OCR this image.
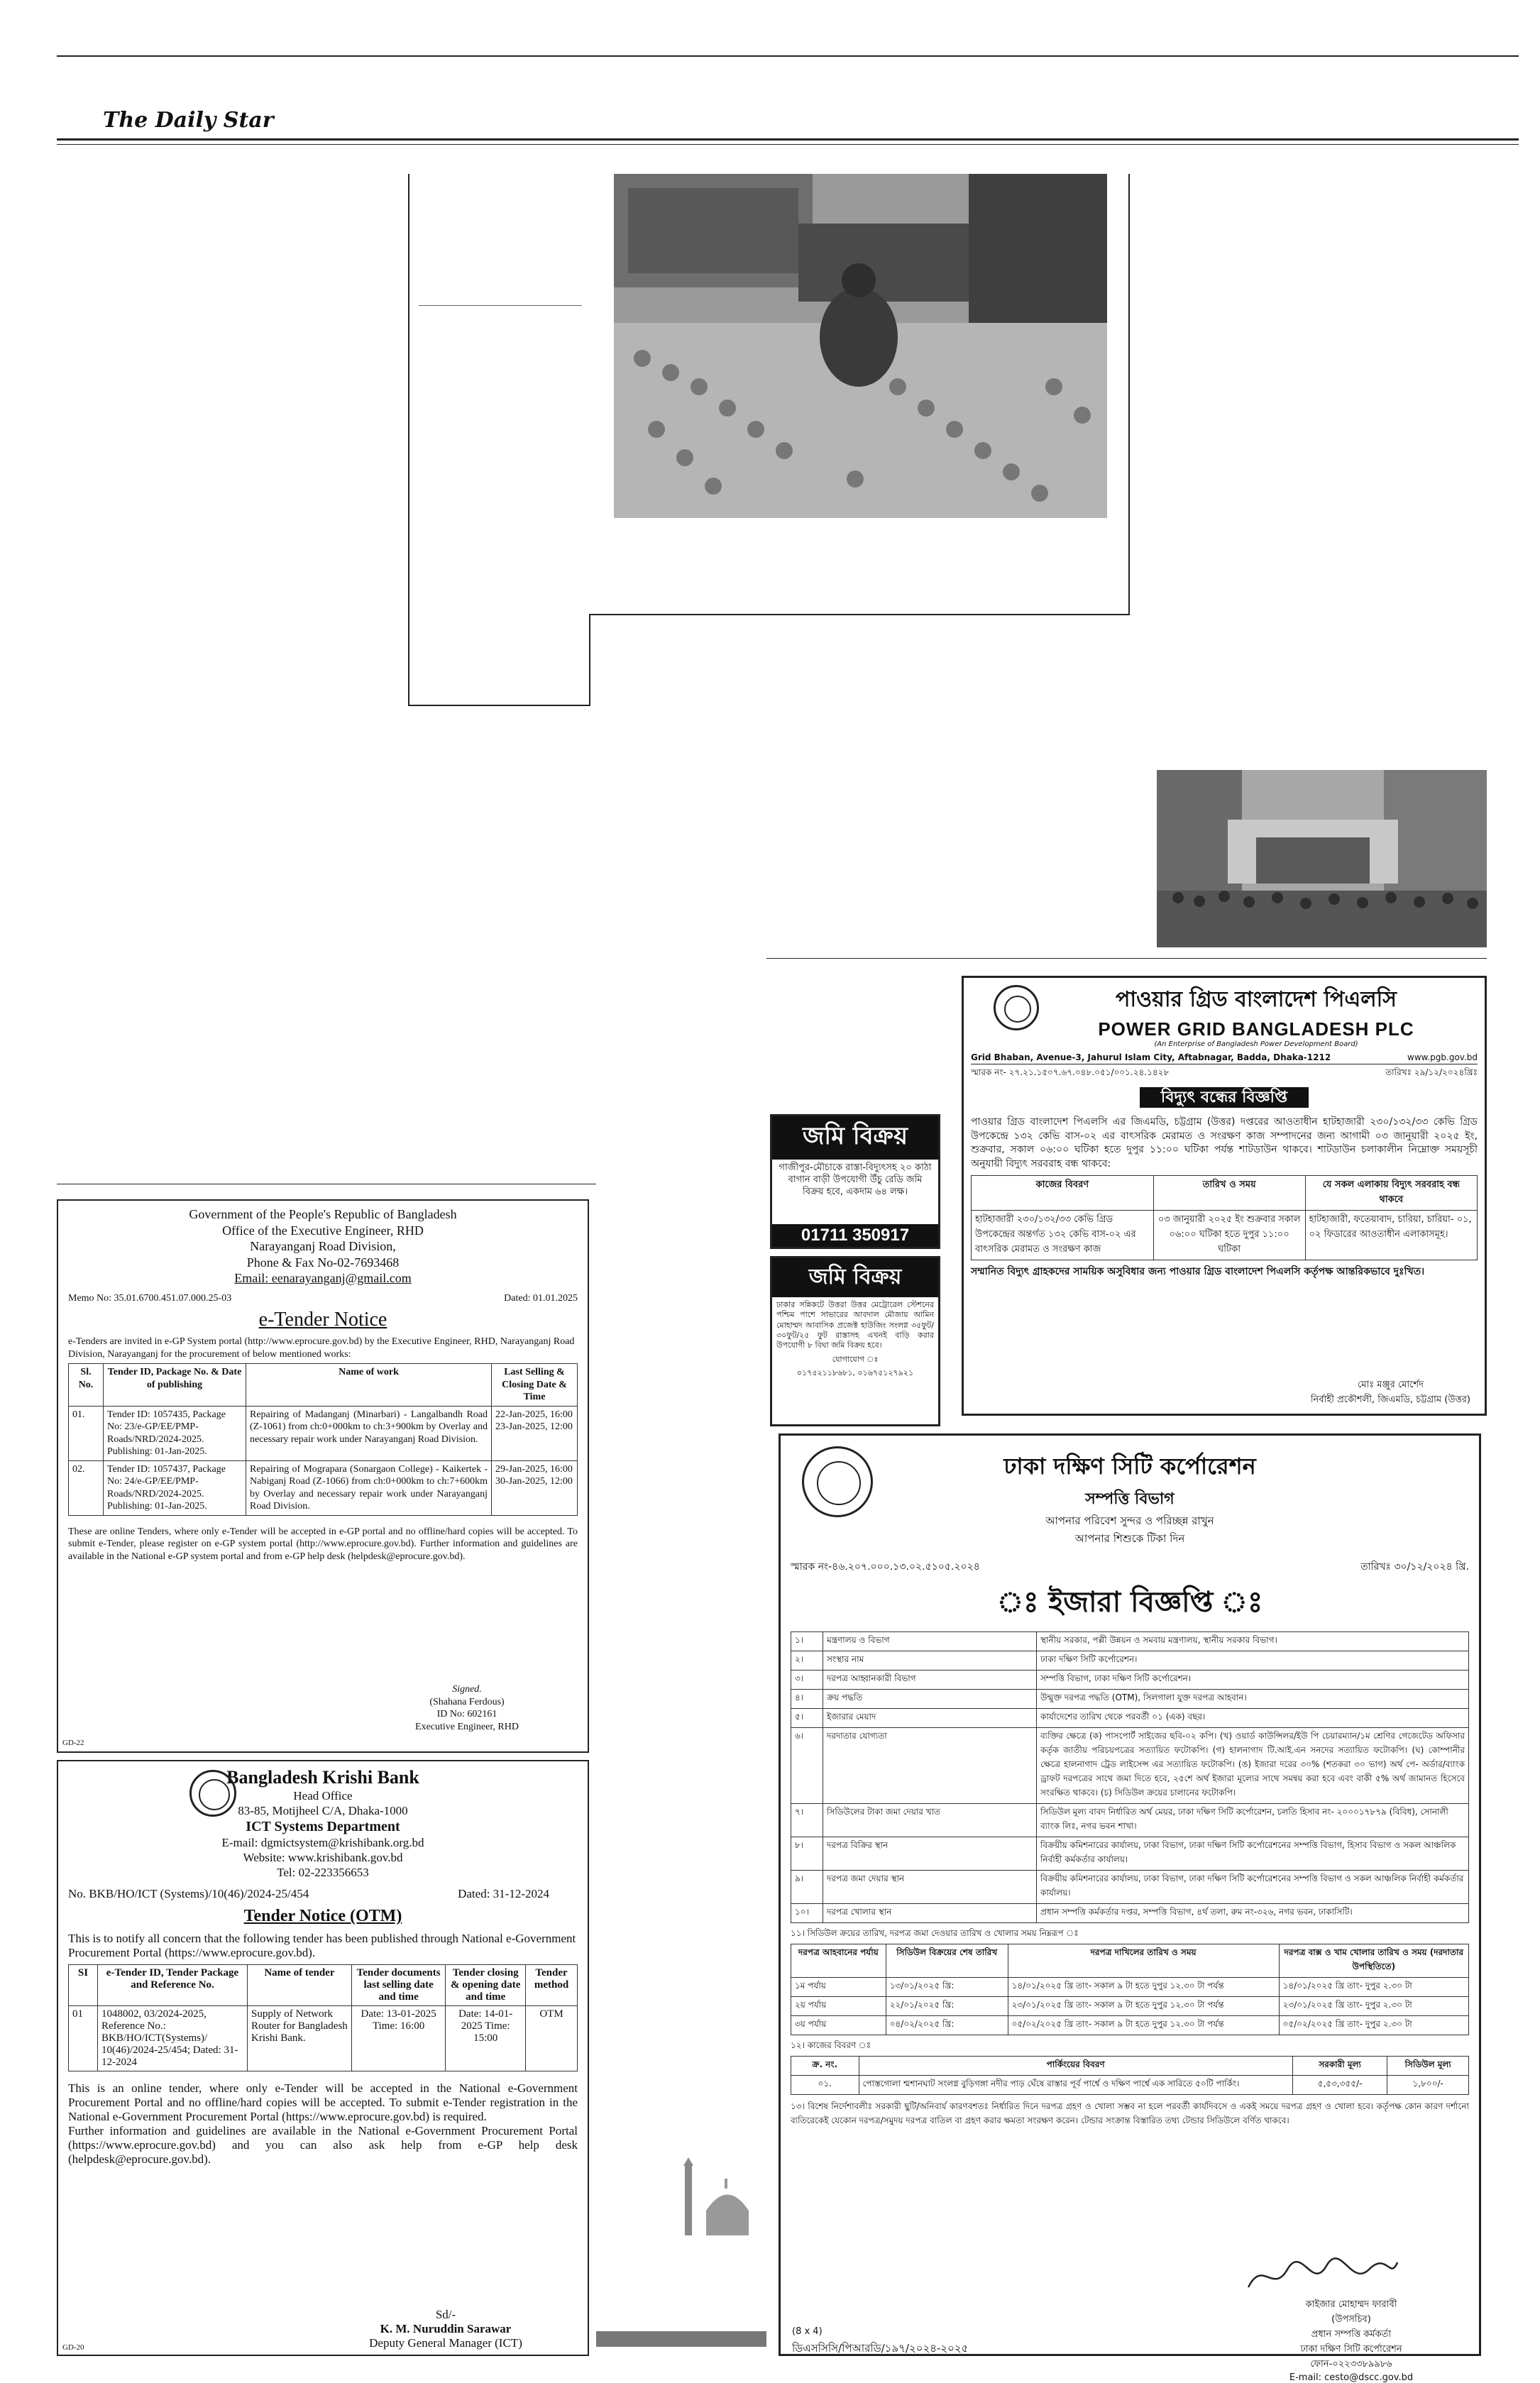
The Daily Star
Government of the People's Republic of Bangladesh
Office of the Executive Engineer, RHD
Narayanganj Road Division,
Phone & Fax No-02-7693468
Email: eenarayanganj@gmail.com
Memo No: 35.01.6700.451.07.000.25-03	Dated: 01.01.2025
e-Tender Notice
e-Tenders are invited in e-GP System portal (http://www.eprocure.gov.bd) by the Executive Engineer, RHD, Narayanganj Road Division, Narayanganj for the procurement of below mentioned works:
Sl. No.	Tender ID, Package No. & Date of publishing	Name of work	Last Selling & Closing Date & Time
01.	Tender ID: 1057435, Package No: 23/e-GP/EE/PMP-Roads/NRD/2024-2025. Publishing: 01-Jan-2025.	Repairing of Madanganj (Minarbari) - Langalbandh Road (Z-1061) from ch:0+000km to ch:3+900km by Overlay and necessary repair work under Narayanganj Road Division.	22-Jan-2025, 16:00 23-Jan-2025, 12:00
02.	Tender ID: 1057437, Package No: 24/e-GP/EE/PMP-Roads/NRD/2024-2025. Publishing: 01-Jan-2025.	Repairing of Mograpara (Sonargaon College) - Kaikertek - Nabiganj Road (Z-1066) from ch:0+000km to ch:7+600km by Overlay and necessary repair work under Narayanganj Road Division.	29-Jan-2025, 16:00 30-Jan-2025, 12:00
These are online Tenders, where only e-Tender will be accepted in e-GP portal and no offline/hard copies will be accepted. To submit e-Tender, please register on e-GP system portal (http://www.eprocure.gov.bd). Further information and guidelines are available in the National e-GP system portal and from e-GP help desk (helpdesk@eprocure.gov.bd).
Signed.
(Shahana Ferdous)
ID No: 602161
Executive Engineer, RHD
GD-22
Bangladesh Krishi Bank
Head Office
83-85, Motijheel C/A, Dhaka-1000
ICT Systems Department
E-mail: dgmictsystem@krishibank.org.bd
Website: www.krishibank.gov.bd
Tel: 02-223356653
No. BKB/HO/ICT (Systems)/10(46)/2024-25/454	Dated: 31-12-2024
Tender Notice (OTM)
This is to notify all concern that the following tender has been published through National e-Government Procurement Portal (https://www.eprocure.gov.bd).
SI	e-Tender ID, Tender Package and Reference No.	Name of tender	Tender documents last selling date and time	Tender closing & opening date and time	Tender method
01	1048002, 03/2024-2025, Reference No.: BKB/HO/ICT(Systems)/ 10(46)/2024-25/454; Dated: 31-12-2024	Supply of Network Router for Bangladesh Krishi Bank.	Date: 13-01-2025 Time: 16:00	Date: 14-01-2025 Time: 15:00	OTM
This is an online tender, where only e-Tender will be accepted in the National e-Government Procurement Portal and no offline/hard copies will be accepted. To submit e-Tender registration in the National e-Government Procurement Portal (https://www.eprocure.gov.bd) is required.
Further information and guidelines are available in the National e-Government Procurement Portal (https://www.eprocure.gov.bd) and you can also ask help from e-GP help desk (helpdesk@eprocure.gov.bd).
Sd/-
K. M. Nuruddin Sarawar
Deputy General Manager (ICT)
GD-20
জমি বিক্রয়
গাজীপুর-মৌচাকে রাস্তা-বিদ্যুৎসহ ২০ কাঠা বাগান বাড়ী উপযোগী উঁচু রেডি জমি বিক্রয় হবে, একদাম ৬৪ লক্ষ।
01711 350917
জমি বিক্রয়
ঢাকার সন্নিকটে উত্তরা উত্তর মেট্রোরেল স্টেশনের পশ্চিম পাশে সাভারের আবদাল মৌজায় আমিন মোহাম্মদ আবাসিক প্রজেক্ট হাউজিং সংলগ্ন ৩৫ফুট/৩০ফুট/২৫ ফুট রাস্তাসহ এখনই বাড়ি করার উপযোগী ৮ বিঘা জমি বিক্রয় হবে।
যোগাযোগ ঃ
০১৭৫২১১৮৬৮১, ০১৬৭৫১২৭৯২১
পাওয়ার গ্রিড বাংলাদেশ পিএলসি
POWER GRID BANGLADESH PLC
(An Enterprise of Bangladesh Power Development Board)
Grid Bhaban, Avenue-3, Jahurul Islam City, Aftabnagar, Badda, Dhaka-1212	www.pgb.gov.bd
স্মারক নং- ২৭.২১.১৫০৭.৬৭.০৪৮.০৫১/০০১.২৪.১৪২৮	তারিখঃ ২৯/১২/২০২৪খ্রিঃ
বিদ্যুৎ বন্ধের বিজ্ঞপ্তি
পাওয়ার গ্রিড বাংলাদেশ পিএলসি এর জিএমডি, চট্টগ্রাম (উত্তর) দপ্তরের আওতাধীন হাটহাজারী ২৩০/১৩২/৩৩ কেভি গ্রিড উপকেন্দ্রে ১৩২ কেভি বাস-০২ এর বাৎসরিক মেরামত ও সংরক্ষণ কাজ সম্পাদনের জন্য আগামী ০৩ জানুয়ারী ২০২৫ ইং, শুক্রবার, সকাল ০৬:০০ ঘটিকা হতে দুপুর ১১:০০ ঘটিকা পর্যন্ত শাটডাউন থাকবে। শাটডাউন চলাকালীন নিম্নোক্ত সময়সূচী অনুযায়ী বিদ্যুৎ সরবরাহ বন্ধ থাকবে:
কাজের বিবরণ	তারিখ ও সময়	যে সকল এলাকায় বিদ্যুৎ সরবরাহ বন্ধ থাকবে
হাটহাজারী ২৩০/১৩২/৩৩ কেভি গ্রিড উপকেন্দ্রের অন্তর্গত ১৩২ কেভি বাস-০২ এর বাৎসরিক মেরামত ও সংরক্ষণ কাজ	০৩ জানুয়ারী ২০২৫ ইং শুক্রবার সকাল ০৬:০০ ঘটিকা হতে দুপুর ১১:০০ ঘটিকা	হাটহাজারী, ফতেয়াবাদ, চারিয়া, চারিয়া- ০১, ০২ ফিডারের আওতাধীন এলাকাসমূহ।
সম্মানিত বিদ্যুৎ গ্রাহকদের সাময়িক অসুবিধার জন্য পাওয়ার গ্রিড বাংলাদেশ পিএলসি কর্তৃপক্ষ আন্তরিকভাবে দুঃখিত।
মোঃ মঞ্জুর মোর্শেদ
নির্বাহী প্রকৌশলী, জিএমডি, চট্টগ্রাম (উত্তর)
ঢাকা দক্ষিণ সিটি কর্পোরেশন
সম্পত্তি বিভাগ
আপনার পরিবেশ সুন্দর ও পরিচ্ছন্ন রাখুন
আপনার শিশুকে টিকা দিন
স্মারক নং-৪৬.২০৭.০০০.১৩.০২.৫১০৫.২০২৪	তারিখঃ ৩০/১২/২০২৪ খ্রি.
ঃ ইজারা বিজ্ঞপ্তি ঃ
১।	মন্ত্রণালয় ও বিভাগ	স্থানীয় সরকার, পল্লী উন্নয়ন ও সমবায় মন্ত্রণালয়, স্থানীয় সরকার বিভাগ।
২।	সংস্থার নাম	ঢাকা দক্ষিণ সিটি কর্পোরেশন।
৩।	দরপত্র আহ্বানকারী বিভাগ	সম্পত্তি বিভাগ, ঢাকা দক্ষিণ সিটি কর্পোরেশন।
৪।	ক্রয় পদ্ধতি	উন্মুক্ত দরপত্র পদ্ধতি (OTM), সিলগালা যুক্ত দরপত্র আহবান।
৫।	ইজারার মেয়াদ	কার্যাদেশের তারিখ থেকে পরবর্তী ০১ (এক) বছর।
৬।	দরদাতার যোগ্যতা	ব্যক্তির ক্ষেত্রে (ক) পাসপোর্ট সাইজের ছবি-০২ কপি। (খ) ওয়ার্ড কাউন্সিলর/ইউ পি চেয়ারম্যান/১ম শ্রেণির গেজেটেড অফিসার কর্তৃক জাতীয় পরিচয়পত্রের সত্যায়িত ফটোকপি। (গ) হালনাগাদ টি.আই.এন সনদের সত্যায়িত ফটোকপি। (ঘ) কোম্পানীর ক্ষেত্রে হালনাগাদ ট্রেড লাইসেন্স এর সত্যায়িত ফটোকপি। (ঙ) ইজারা দরের ৩০% (শতকরা ৩০ ভাগ) অর্থ পে- অর্ডার/ব্যাংক ড্রাফট দরপত্রের সাথে জমা দিতে হবে, ২৫শে অর্থ ইজারা মূল্যের সাথে সমন্বয় করা হবে এবং বাকী ৫% অর্থ জামানত হিসেবে সংরক্ষিত থাকবে। (চ) সিডিউল ক্রয়ের চালানের ফটোকপি।
৭।	সিডিউলের টাকা জমা দেয়ার খাত	সিডিউল মূল্য বাবদ নির্ধারিত অর্থ মেয়র, ঢাকা দক্ষিণ সিটি কর্পোরেশন, চলতি হিসাব নং- ২০০০১৭৮৭৯ (বিবিধ), সোনালী ব্যাংক লিঃ, নগর ভবন শাখা।
৮।	দরপত্র বিক্রির স্থান	বিক্রয়ীয় কমিশনারের কার্যালয়, ঢাকা বিভাগ, ঢাকা দক্ষিণ সিটি কর্পোরেশনের সম্পত্তি বিভাগ, হিসাব বিভাগ ও সকল আঞ্চলিক নির্বাহী কর্মকর্তার কার্যালয়।
৯।	দরপত্র জমা দেয়ার স্থান	বিক্রয়ীয় কমিশনারের কার্যালয়, ঢাকা বিভাগ, ঢাকা দক্ষিণ সিটি কর্পোরেশনের সম্পত্তি বিভাগ ও সকল আঞ্চলিক নির্বাহী কর্মকর্তার কার্যালয়।
১০।	দরপত্র খোলার স্থান	প্রধান সম্পত্তি কর্মকর্তার দপ্তর, সম্পত্তি বিভাগ, ৪র্থ তলা, রুম নং-৩২৬, নগর ভবন, ঢাকাসিটি।
১১। সিডিউল ক্রয়ের তারিখ, দরপত্র জমা দেওয়ার তারিখ ও খোলার সময় নিম্নরূপ ঃ
দরপত্র আহবানের পর্যায়	সিডিউল বিক্রয়ের শেষ তারিখ	দরপত্র দাখিলের তারিখ ও সময়	দরপত্র বাক্স ও খাম খোলার তারিখ ও সময় (দরদাতার উপস্থিতিতে)
১ম পর্যায়	১৩/০১/২০২৫ খ্রি:	১৪/০১/২০২৫ খ্রি তাং- সকাল ৯ টা হতে দুপুর ১২.৩০ টা পর্যন্ত	১৪/০১/২০২৫ খ্রি তাং- দুপুর ২.৩০ টা
২য় পর্যায়	২২/০১/২০২৫ খ্রি:	২৩/০১/২০২৫ খ্রি তাং- সকাল ৯ টা হতে দুপুর ১২.৩০ টা পর্যন্ত	২৩/০১/২০২৫ খ্রি তাং- দুপুর ২.৩০ টা
৩য় পর্যায়	০৪/০২/২০২৫ খ্রি:	০৫/০২/২০২৫ খ্রি তাং- সকাল ৯ টা হতে দুপুর ১২.৩০ টা পর্যন্ত	০৫/০২/২০২৫ খ্রি তাং- দুপুর ২.৩০ টা
১২। কাজের বিবরণ ঃ
ক্র. নং.	পার্কিংয়ের বিবরণ	সরকারী মূল্য	সিডিউল মূল্য
০১.	পোস্তগোলা শ্মশানঘাট সংলগ্ন বুড়িগঙ্গা নদীর পাড় ঘেঁষে রাস্তার পূর্ব পার্শ্বে ও দক্ষিণ পার্শ্বে এক সারিতে ৫০টি পার্কিং।	৫,৫৩,৩৫৫/-	১,৮০০/-
১৩। বিশেষ নির্দেশাবলীঃ সরকারী ছুটি/অনিবার্য কারণবশতঃ নির্ধারিত দিনে দরপত্র গ্রহণ ও খোলা সম্ভব না হলে পরবর্তী কার্যদিবসে ও একই সময়ে দরপত্র গ্রহণ ও খোলা হবে। কর্তৃপক্ষ কোন কারণ দর্শানো ব্যতিরেকেই যেকোন দরপত্র/সমুদয় দরপত্র বাতিল বা গ্রহণ করার ক্ষমতা সংরক্ষণ করেন। টেন্ডার সংক্রান্ত বিস্তারিত তথ্য টেন্ডার সিডিউলে বর্ণিত থাকবে।
কাইজার মোহাম্মদ ফারাবী
(উপসচিব)
প্রধান সম্পত্তি কর্মকর্তা
ঢাকা দক্ষিণ সিটি কর্পোরেশন
ফোন-০২২৩৩৮৯৯৮৬
E-mail: cesto@dscc.gov.bd
(8 x 4)
ডিএসসিসি/পিআরডি/১৯৭/২০২৪-২০২৫
